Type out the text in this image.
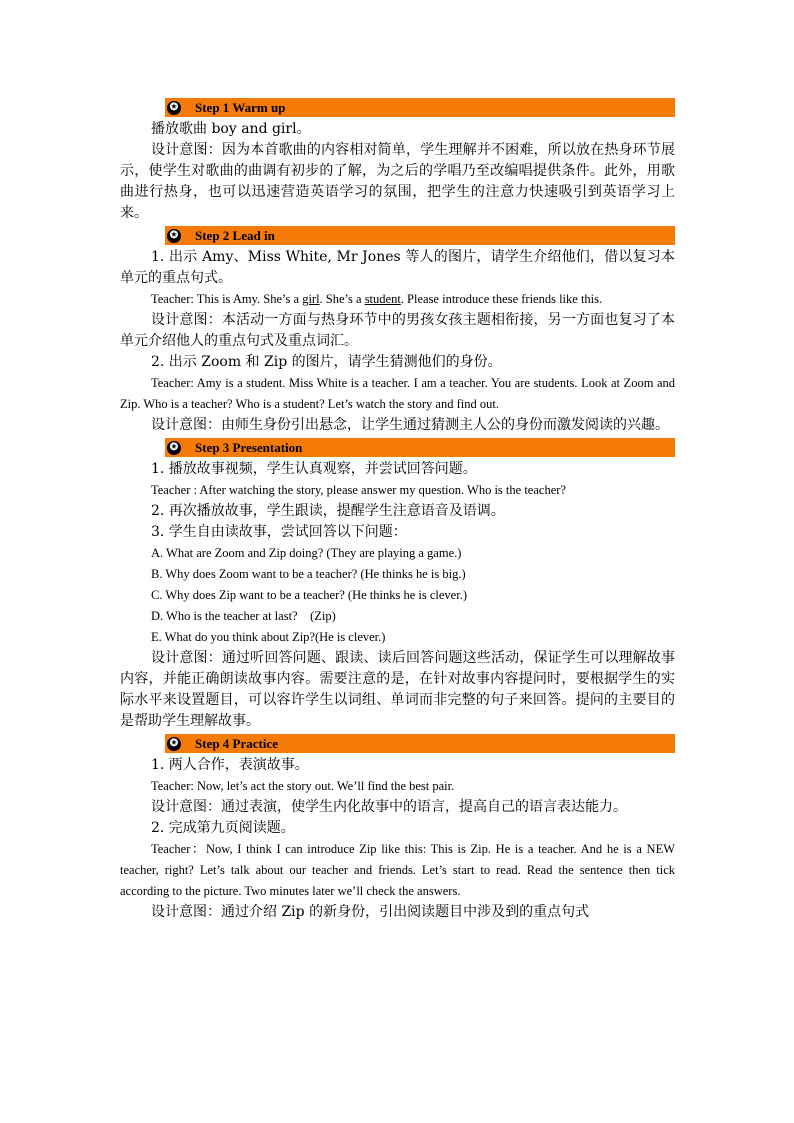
✪ Step 1 Warm up

播放歌曲 boy and girl。

设计意图：因为本首歌曲的内容相对简单，学生理解并不困难，所以放在热身环节展示，使学生对歌曲的曲调有初步的了解，为之后的学唱乃至改编唱提供条件。此外，用歌曲进行热身，也可以迅速营造英语学习的氛围，把学生的注意力快速吸引到英语学习上来。

✪ Step 2 Lead in

1. 出示 Amy、Miss White, Mr Jones 等人的图片，请学生介绍他们，借以复习本单元的重点句式。

Teacher: This is Amy. She’s a girl. She’s a student. Please introduce these friends like this.

设计意图：本活动一方面与热身环节中的男孩女孩主题相衔接，另一方面也复习了本单元介绍他人的重点句式及重点词汇。

2. 出示 Zoom 和 Zip 的图片，请学生猜测他们的身份。

Teacher: Amy is a student. Miss White is a teacher. I am a teacher. You are students. Look at Zoom and Zip. Who is a teacher? Who is a student? Let’s watch the story and find out.

设计意图：由师生身份引出悬念，让学生通过猜测主人公的身份而激发阅读的兴趣。

✪ Step 3 Presentation

1. 播放故事视频，学生认真观察，并尝试回答问题。

Teacher : After watching the story, please answer my question. Who is the teacher?

2. 再次播放故事，学生跟读，提醒学生注意语音及语调。

3. 学生自由读故事，尝试回答以下问题：

A. What are Zoom and Zip doing? (They are playing a game.)

B. Why does Zoom want to be a teacher? (He thinks he is big.)

C. Why does Zip want to be a teacher? (He thinks he is clever.)

D. Who is the teacher at last?　(Zip)

E. What do you think about Zip?(He is clever.)

设计意图：通过听回答问题、跟读、读后回答问题这些活动，保证学生可以理解故事内容，并能正确朗读故事内容。需要注意的是，在针对故事内容提问时，要根据学生的实际水平来设置题目，可以容许学生以词组、单词而非完整的句子来回答。提问的主要目的是帮助学生理解故事。

✪ Step 4 Practice

1. 两人合作，表演故事。

Teacher: Now, let’s act the story out. We’ll find the best pair.

设计意图：通过表演，使学生内化故事中的语言，提高自己的语言表达能力。

2. 完成第九页阅读题。

Teacher：Now, I think I can introduce Zip like this: This is Zip. He is a teacher. And he is a NEW teacher, right? Let’s talk about our teacher and friends. Let’s start to read. Read the sentence then tick according to the picture. Two minutes later we’ll check the answers.

设计意图：通过介绍 Zip 的新身份，引出阅读题目中涉及到的重点句式
